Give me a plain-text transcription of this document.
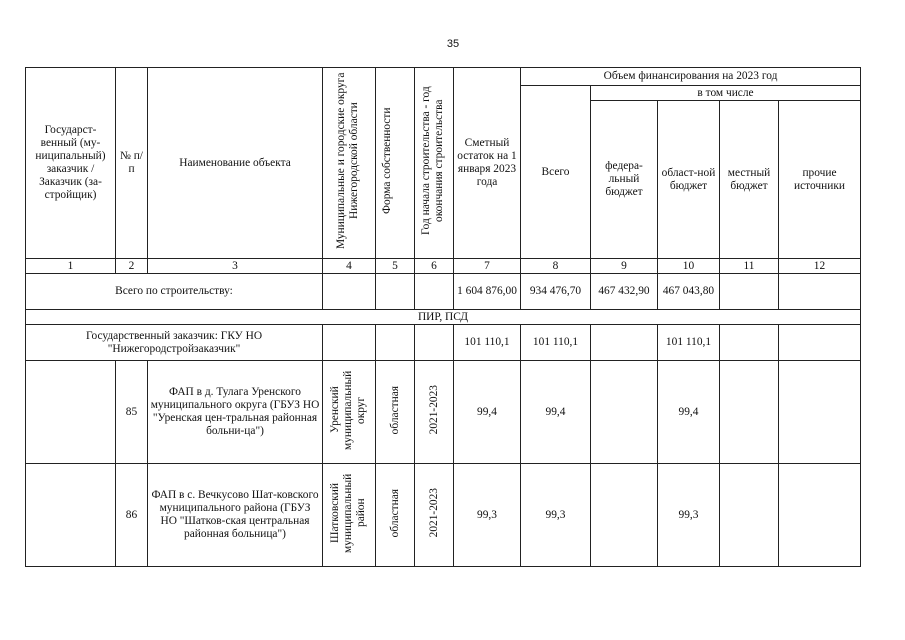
35
Государст-венный (му-ниципальный) заказчик / Заказчик (за-стройщик)	№ п/п	Наименование объекта	Муниципальные и городские округа Нижегородской области	Форма собственности	Год начала строительства - год окончания строительства	Сметный остаток на 1 января 2023 года	Объем финансирования на 2023 год				
							Всего	в том числе			
								федера-льный бюджет	област-ной бюджет	местный бюджет	прочие источники
1	2	3	4	5	6	7	8	9	10	11	12
Всего по строительству:						1 604 876,00	934 476,70	467 432,90	467 043,80		
ПИР, ПСД											
Государственный заказчик: ГКУ НО "Нижегородстройзаказчик"						101 110,1	101 110,1		101 110,1		
	85	ФАП в д. Тулага Уренского муниципального округа (ГБУЗ НО "Уренская цен-тральная районная больни-ца")	Уренский муниципальный округ	областная	2021-2023	99,4	99,4		99,4		
	86	ФАП в с. Вечкусово Шат-ковского муниципального района (ГБУЗ НО "Шатков-ская центральная районная больница")	Шатковский муниципальный район	областная	2021-2023	99,3	99,3		99,3		
